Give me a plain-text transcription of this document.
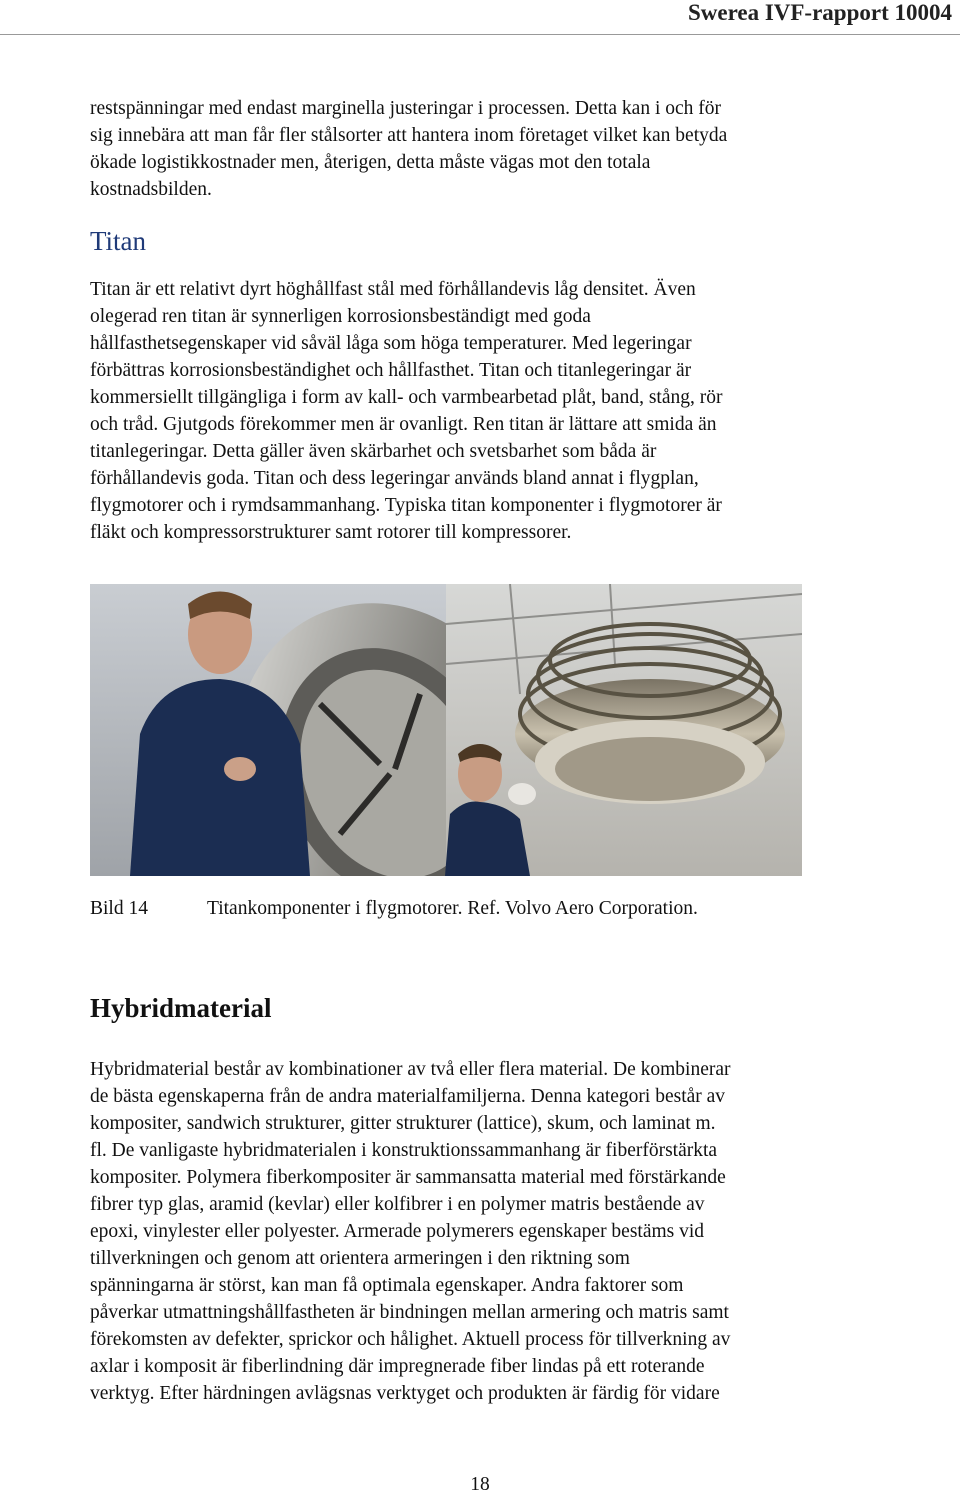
Swerea IVF-rapport 10004
restspänningar med endast marginella justeringar i processen. Detta kan i och för
sig innebära att man får fler stålsorter att hantera inom företaget vilket kan betyda
ökade logistikkostnader men, återigen, detta måste vägas mot den totala
kostnadsbilden.
Titan
Titan är ett relativt dyrt höghållfast stål med förhållandevis låg densitet. Även
olegerad ren titan är synnerligen korrosionsbeständigt med goda
hållfasthetsegenskaper vid såväl låga som höga temperaturer. Med legeringar
förbättras korrosionsbeständighet och hållfasthet. Titan och titanlegeringar är
kommersiellt tillgängliga i form av kall- och varmbearbetad plåt, band, stång, rör
och tråd. Gjutgods förekommer men är ovanligt. Ren titan är lättare att smida än
titanlegeringar. Detta gäller även skärbarhet och svetsbarhet som båda är
förhållandevis goda. Titan och dess legeringar används bland annat i flygplan,
flygmotorer och i rymdsammanhang. Typiska titan komponenter i flygmotorer är
fläkt och kompressorstrukturer samt rotorer till kompressorer.
Bild 14	Titankomponenter i flygmotorer. Ref. Volvo Aero Corporation.
Hybridmaterial
Hybridmaterial består av kombinationer av två eller flera material. De kombinerar
de bästa egenskaperna från de andra materialfamiljerna. Denna kategori består av
kompositer, sandwich strukturer, gitter strukturer (lattice), skum, och laminat m.
fl. De vanligaste hybridmaterialen i konstruktionssammanhang är fiberförstärkta
kompositer. Polymera fiberkompositer är sammansatta material med förstärkande
fibrer typ glas, aramid (kevlar) eller kolfibrer i en polymer matris bestående av
epoxi, vinylester eller polyester. Armerade polymerers egenskaper bestäms vid
tillverkningen och genom att orientera armeringen i den riktning som
spänningarna är störst, kan man få optimala egenskaper. Andra faktorer som
påverkar utmattningshållfastheten är bindningen mellan armering och matris samt
förekomsten av defekter, sprickor och hålighet. Aktuell process för tillverkning av
axlar i komposit är fiberlindning där impregnerade fiber lindas på ett roterande
verktyg. Efter härdningen avlägsnas verktyget och produkten är färdig för vidare
18
